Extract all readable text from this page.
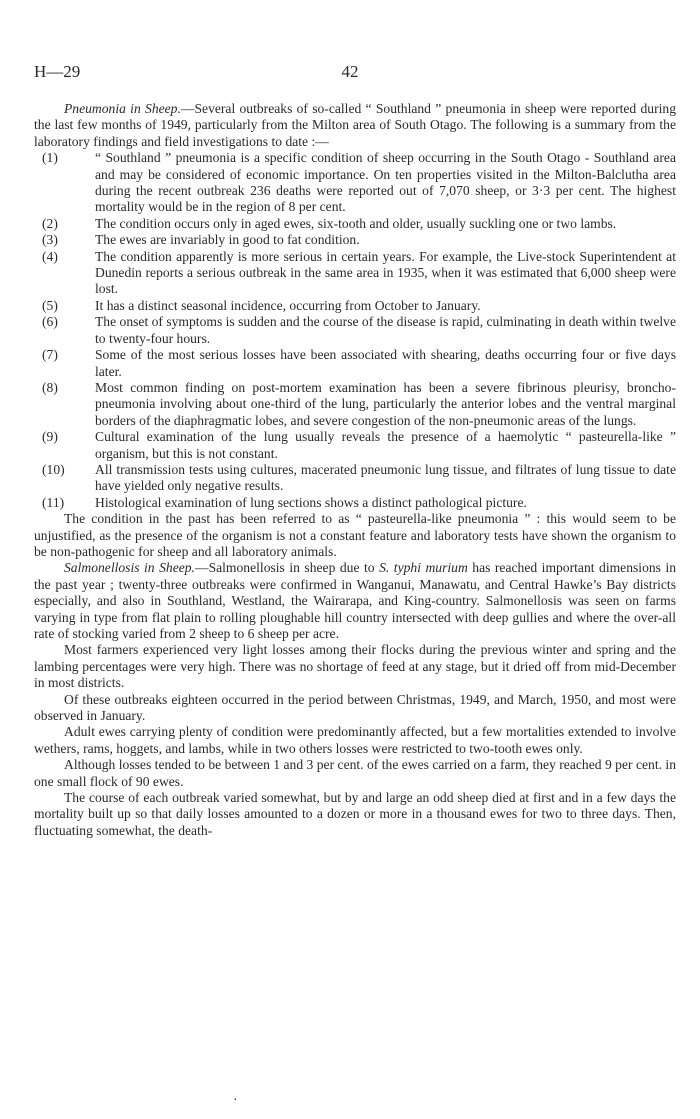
H—29	42

Pneumonia in Sheep.—Several outbreaks of so-called “ Southland ” pneumonia in sheep were reported during the last few months of 1949, particularly from the Milton area of South Otago. The following is a summary from the laboratory findings and field investigations to date :—

(1)	“ Southland ” pneumonia is a specific condition of sheep occurring in the South Otago - Southland area and may be considered of economic importance. On ten properties visited in the Milton-Balclutha area during the recent outbreak 236 deaths were reported out of 7,070 sheep, or 3·3 per cent. The highest mortality would be in the region of 8 per cent.
(2)	The condition occurs only in aged ewes, six-tooth and older, usually suckling one or two lambs.
(3)	The ewes are invariably in good to fat condition.
(4)	The condition apparently is more serious in certain years. For example, the Live-stock Superintendent at Dunedin reports a serious outbreak in the same area in 1935, when it was estimated that 6,000 sheep were lost.
(5)	It has a distinct seasonal incidence, occurring from October to January.
(6)	The onset of symptoms is sudden and the course of the disease is rapid, culminating in death within twelve to twenty-four hours.
(7)	Some of the most serious losses have been associated with shearing, deaths occurring four or five days later.
(8)	Most common finding on post-mortem examination has been a severe fibrinous pleurisy, broncho-pneumonia involving about one-third of the lung, particularly the anterior lobes and the ventral marginal borders of the diaphragmatic lobes, and severe congestion of the non-pneumonic areas of the lungs.
(9)	Cultural examination of the lung usually reveals the presence of a haemolytic “ pasteurella-like ” organism, but this is not constant.
(10) All transmission tests using cultures, macerated pneumonic lung tissue, and filtrates of lung tissue to date have yielded only negative results.
(11) Histological examination of lung sections shows a distinct pathological picture.

The condition in the past has been referred to as “ pasteurella-like pneumonia ” : this would seem to be unjustified, as the presence of the organism is not a constant feature and laboratory tests have shown the organism to be non-pathogenic for sheep and all laboratory animals.

Salmonellosis in Sheep.—Salmonellosis in sheep due to S. typhi murium has reached important dimensions in the past year ; twenty-three outbreaks were confirmed in Wanganui, Manawatu, and Central Hawke’s Bay districts especially, and also in Southland, Westland, the Wairarapa, and King-country. Salmonellosis was seen on farms varying in type from flat plain to rolling ploughable hill country intersected with deep gullies and where the over-all rate of stocking varied from 2 sheep to 6 sheep per acre.

Most farmers experienced very light losses among their flocks during the previous winter and spring and the lambing percentages were very high. There was no shortage of feed at any stage, but it dried off from mid-December in most districts.

Of these outbreaks eighteen occurred in the period between Christmas, 1949, and March, 1950, and most were observed in January.

Adult ewes carrying plenty of condition were predominantly affected, but a few mortalities extended to involve wethers, rams, hoggets, and lambs, while in two others losses were restricted to two-tooth ewes only.

Although losses tended to be between 1 and 3 per cent. of the ewes carried on a farm, they reached 9 per cent. in one small flock of 90 ewes.

The course of each outbreak varied somewhat, but by and large an odd sheep died at first and in a few days the mortality built up so that daily losses amounted to a dozen or more in a thousand ewes for two to three days. Then, fluctuating somewhat, the death-

·
